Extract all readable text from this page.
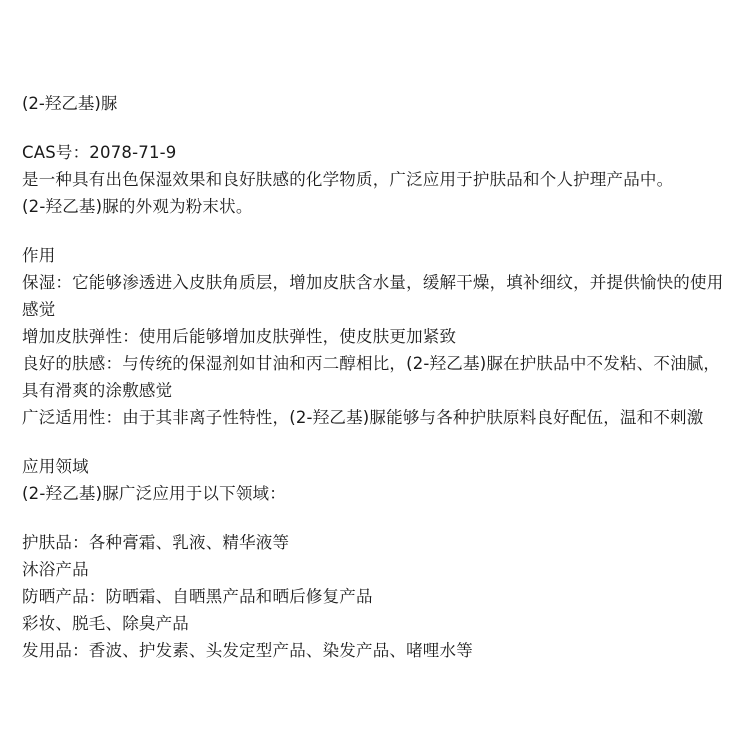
(2-羟乙基)脲
CAS号：2078-71-9
是一种具有出色保湿效果和良好肤感的化学物质，广泛应用于护肤品和个人护理产品中。
(2-羟乙基)脲的外观为粉末状。
作用
保湿：它能够渗透进入皮肤角质层，增加皮肤含水量，缓解干燥，填补细纹，并提供愉快的使用感觉
增加皮肤弹性：使用后能够增加皮肤弹性，使皮肤更加紧致
良好的肤感：与传统的保湿剂如甘油和丙二醇相比，(2-羟乙基)脲在护肤品中不发粘、不油腻，具有滑爽的涂敷感觉
广泛适用性：由于其非离子性特性，(2-羟乙基)脲能够与各种护肤原料良好配伍，温和不刺激
应用领域
(2-羟乙基)脲广泛应用于以下领域：
护肤品：各种膏霜、乳液、精华液等
沐浴产品
防晒产品：防晒霜、自晒黑产品和晒后修复产品
彩妆、脱毛、除臭产品
发用品：香波、护发素、头发定型产品、染发产品、啫哩水等
